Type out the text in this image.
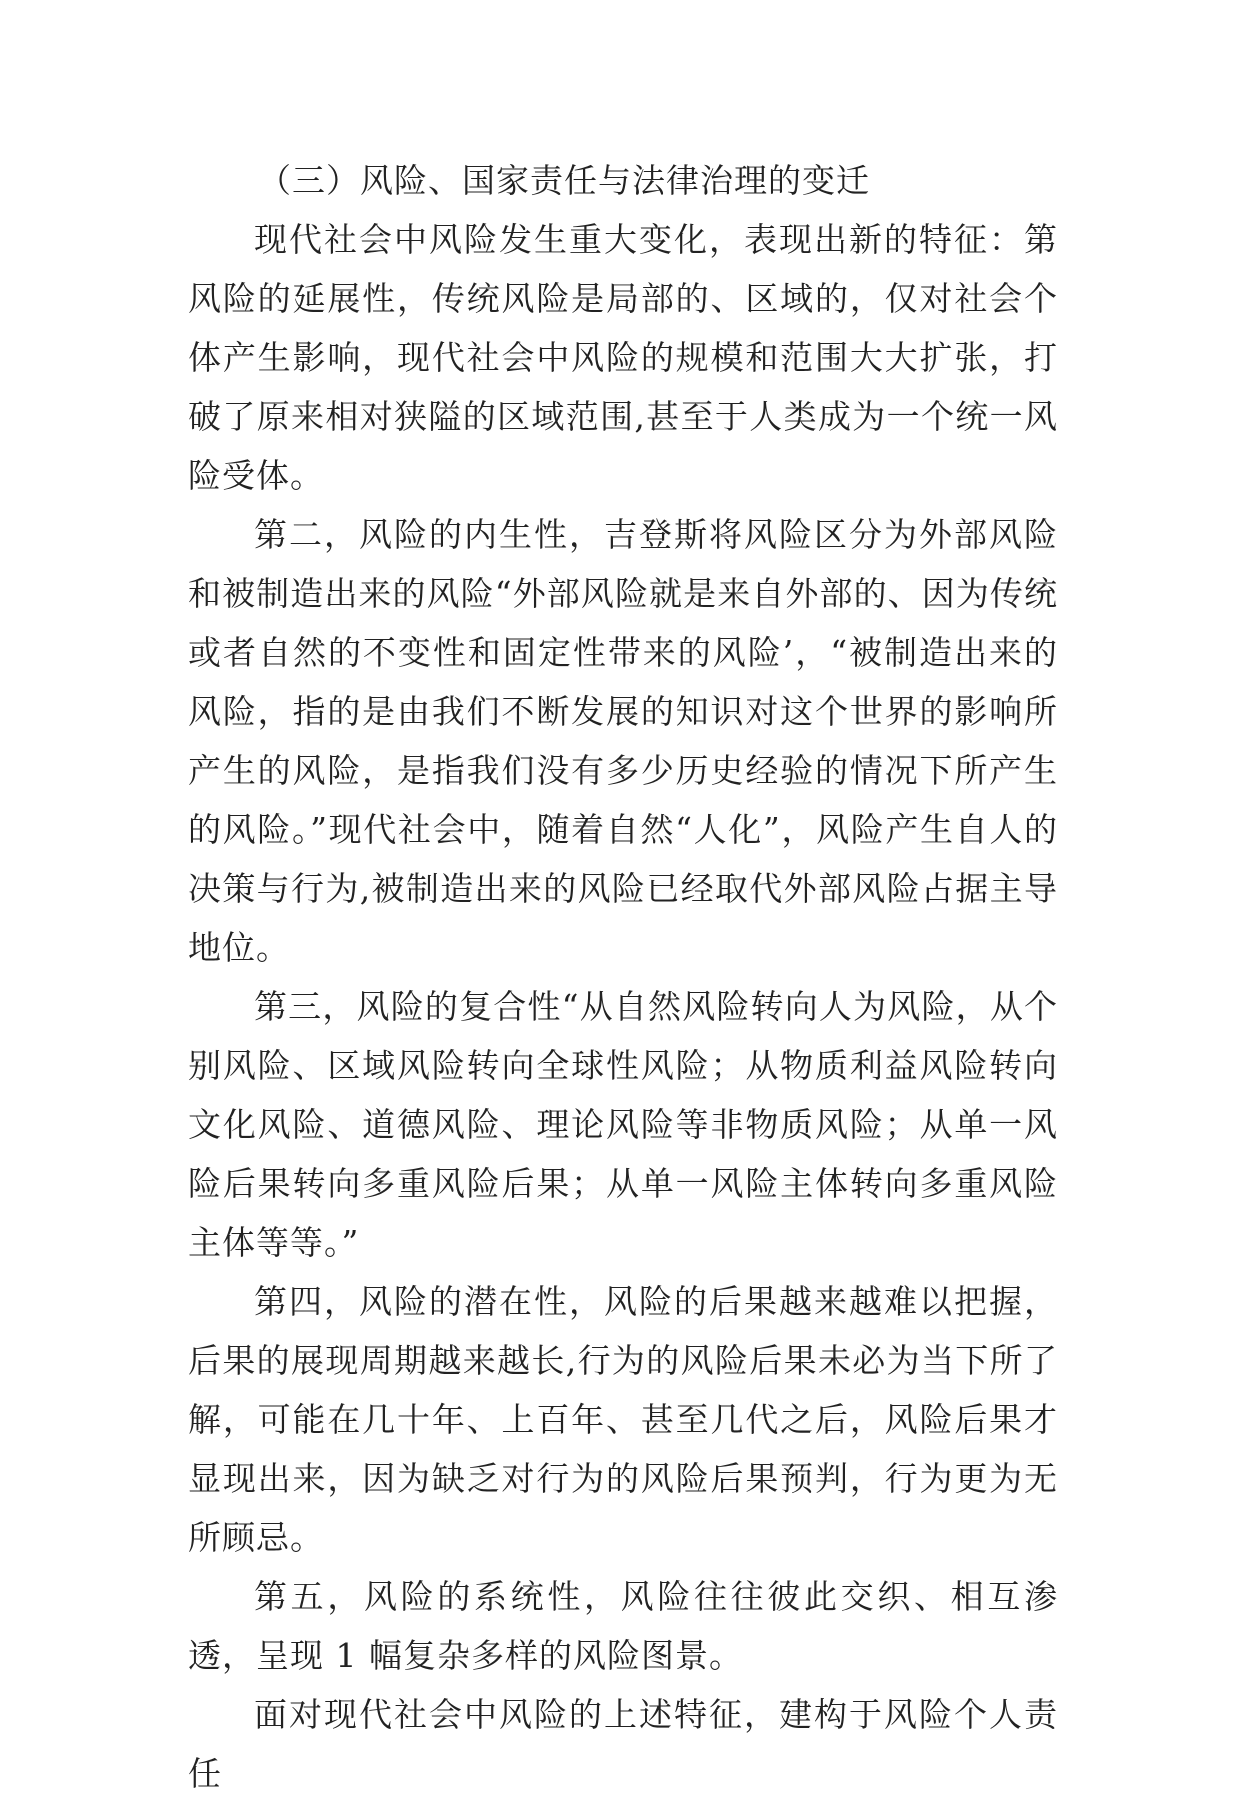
（三）风险、国家责任与法律治理的变迁

现代社会中风险发生重大变化，表现出新的特征：第风险的延展性，传统风险是局部的、区域的，仅对社会个体产生影响，现代社会中风险的规模和范围大大扩张，打破了原来相对狭隘的区域范围,甚至于人类成为一个统一风险受体。

第二，风险的内生性，吉登斯将风险区分为外部风险和被制造出来的风险“外部风险就是来自外部的、因为传统或者自然的不变性和固定性带来的风险’，“被制造出来的风险，指的是由我们不断发展的知识对这个世界的影响所产生的风险，是指我们没有多少历史经验的情况下所产生的风险。”现代社会中，随着自然“人化”，风险产生自人的决策与行为,被制造出来的风险已经取代外部风险占据主导地位。

第三，风险的复合性“从自然风险转向人为风险，从个别风险、区域风险转向全球性风险；从物质利益风险转向文化风险、道德风险、理论风险等非物质风险；从单一风险后果转向多重风险后果；从单一风险主体转向多重风险主体等等。”

第四，风险的潜在性，风险的后果越来越难以把握，后果的展现周期越来越长,行为的风险后果未必为当下所了解，可能在几十年、上百年、甚至几代之后，风险后果才显现出来，因为缺乏对行为的风险后果预判，行为更为无所顾忌。

第五，风险的系统性，风险往往彼此交织、相互渗透，呈现 1 幅复杂多样的风险图景。

面对现代社会中风险的上述特征，建构于风险个人责任
